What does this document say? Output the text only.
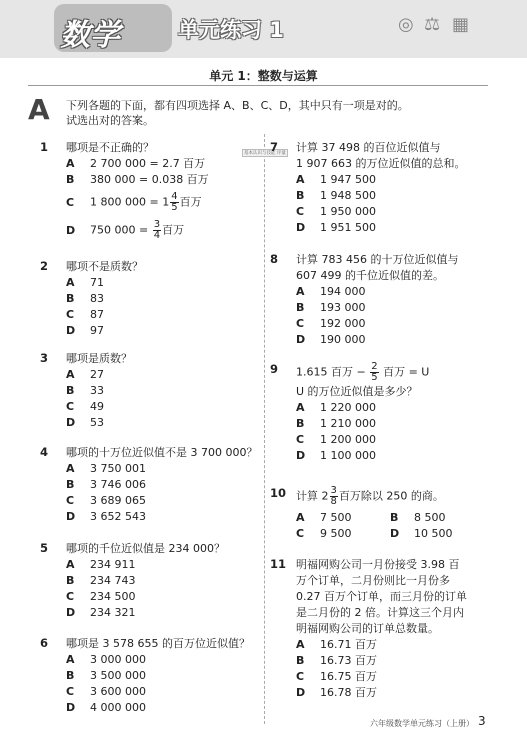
数学	单元练习 1	◎ ⚖ ▦
单元 1：整数与运算
A 下列各题的下面，都有四项选择 A、B、C、D，其中只有一项是对的。
试选出对的答案。
1 哪项是不正确的？	基本认识与技能 评量
A 2 700 000 = 2.7 百万
B 380 000 = 0.038 百万
C 1 800 $000 = 1 \frac{4}{5}$ 百万
D 750 $000 = \frac{3}{4}$ 百万
2 哪项不是质数？
A 71
B 83
C 87
D 97
3 哪项是质数？
A 27
B 33
C 49
D 53
4 哪项的十万位近似值不是 3 700 000？
A 3 750 001
B 3 746 006
C 3 689 065
D 3 652 543
5 哪项的千位近似值是 234 000？
A 234 911
B 234 743
C 234 500
D 234 321
6 哪项是 3 578 655 的百万位近似值？
A 3 000 000
B 3 500 000
C 3 600 000
D 4 000 000
7 计算 37 498 的百位近似值与
1 907 663 的万位近似值的总和。
A 1 947 500
B 1 948 500
C 1 950 000
D 1 951 500
8 计算 783 456 的十万位近似值与
607 499 的千位近似值的差。
A 194 000
B 193 000
C 192 000
D 190 000
9 1.615 百万 − $\frac{2}{5}$ 百万 = U
U 的万位近似值是多少？
A 1 220 000
B 1 210 000
C 1 200 000
D 1 100 000
10 计算 $2 \frac{3}{8}$ 百万除以 250 的商。
A 7 500	B 8 500
C 9 500	D 10 500
11 明福网购公司一月份接受 3.98 百
万个订单，二月份则比一月份多
0.27 百万个订单，而三月份的订单
是二月份的 2 倍。计算这三个月内
明福网购公司的订单总数量。
A 16.71 百万
B 16.73 百万
C 16.75 百万
D 16.78 百万
六年级数学单元练习（上册） 3
